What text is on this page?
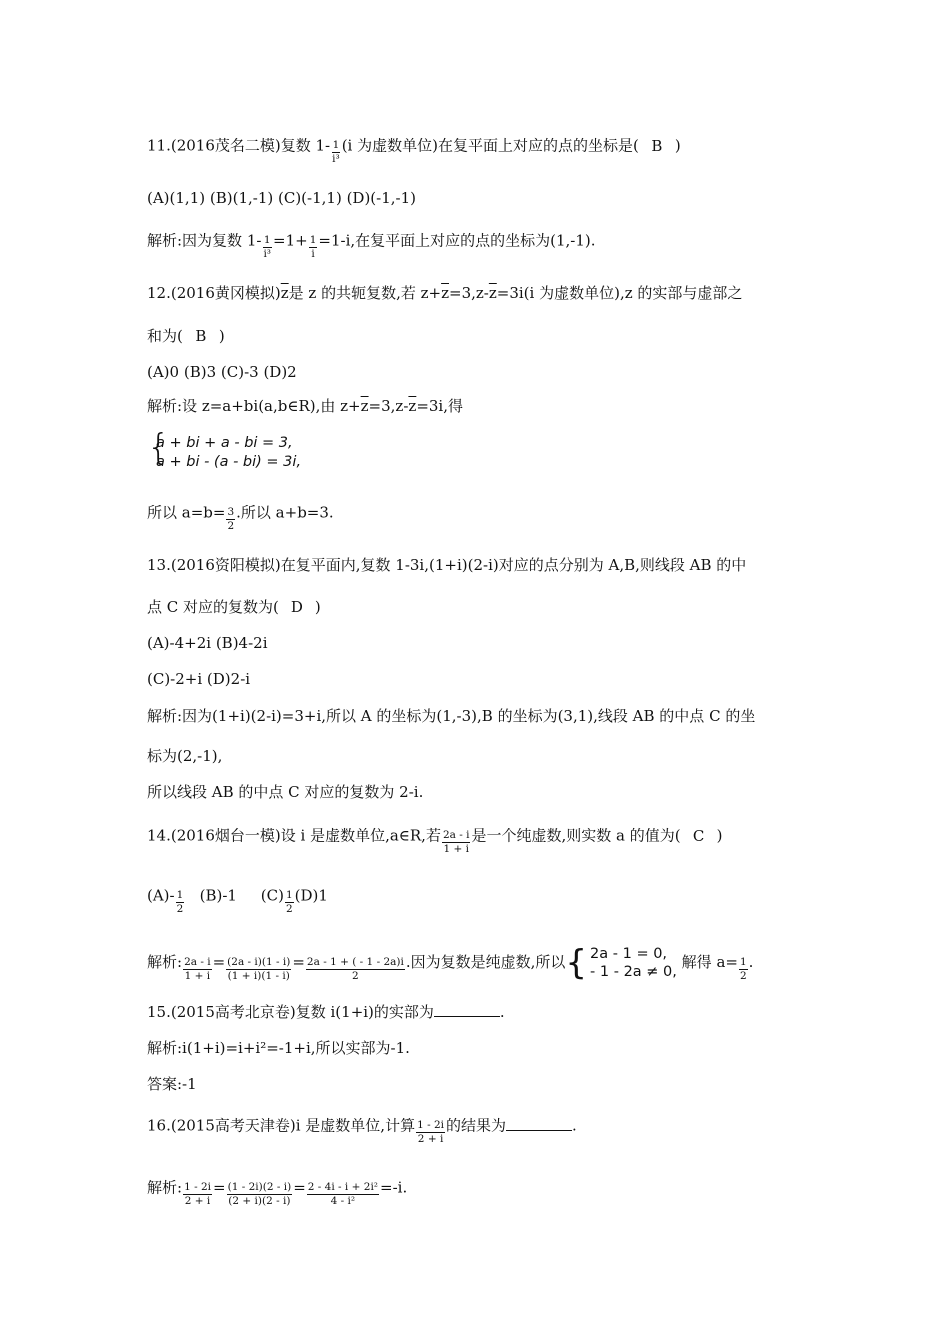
11.(2016茂名二模)复数 $1- \frac{1}{\text{i³}} (i$ 为虚数单位)在复平面上对应的点的坐标是( B )
(A)(1,1) (B)(1,-1) (C)(-1,1) (D)(-1,-1)
解析:因为复数 $1- \frac{1}{\text{i³}} =1+ \frac{1}{i} =1-i$,在复平面上对应的点的坐标为(1,-1).
12.(2016黄冈模拟)$\overline{z}$是 z 的共轭复数,若 $z+\overline{z}=3,z-\overline{z}=3i(i$ 为虚数单位),z 的实部与虚部之
和为( B )
(A)0 (B)3 (C)-3 (D)2
解析:设 z=a+bi(a,b∈R),由 $z+\overline{z}=3,z-\overline{z}=3i$,得
{
a + bi + a - bi = 3,
a + bi - (a - bi) = 3i,
所以 $a=b= \frac{3}{2}$ .所以 a+b=3.
13.(2016资阳模拟)在复平面内,复数 1-3i,(1+i)(2-i)对应的点分别为 A,B,则线段 AB 的中
点 C 对应的复数为( D )
(A)-4+2i (B)4-2i
(C)-2+i (D)2-i
解析:因为(1+i)(2-i)=3+i,所以 A 的坐标为(1,-3),B 的坐标为(3,1),线段 AB 的中点 C 的坐
标为(2,-1),
所以线段 AB 的中点 C 对应的复数为 2-i.
14.(2016烟台一模)设 i 是虚数单位,a∈R,若 $\frac{2a - i}{1 + i}$ 是一个纯虚数,则实数 a 的值为( C )
$(A)- \frac{1}{2} (B)-1$     $(C) \frac{1}{2} (D)1$
解析: $\frac{2a - i}{1 + i} = \frac{(2a - i)(1 - i)}{(1 + i)(1 - i)} = \frac{2a - 1 + ( - 1 - 2a)i}{2}$ .因为复数是纯虚数,所以 { 2a - 1 = 0,
- 1 - 2a ≠ 0,
解得 $a= \frac{1}{2}$ .
15.(2015高考北京卷)复数 i(1+i)的实部为	.
解析:i(1+i)=i+i²=-1+i,所以实部为-1.
答案:-1
16.(2015高考天津卷)i 是虚数单位,计算 $\frac{1 - 2i}{2 + i}$ 的结果为	.
解析: $\frac{1 - 2i}{2 + i} = \frac{(1 - 2i)(2 - i)}{(2 + i)(2 - i)} = \frac{\text{2 - 4i - i + 2i²}}{\text{4 - i²}} =-i$.
